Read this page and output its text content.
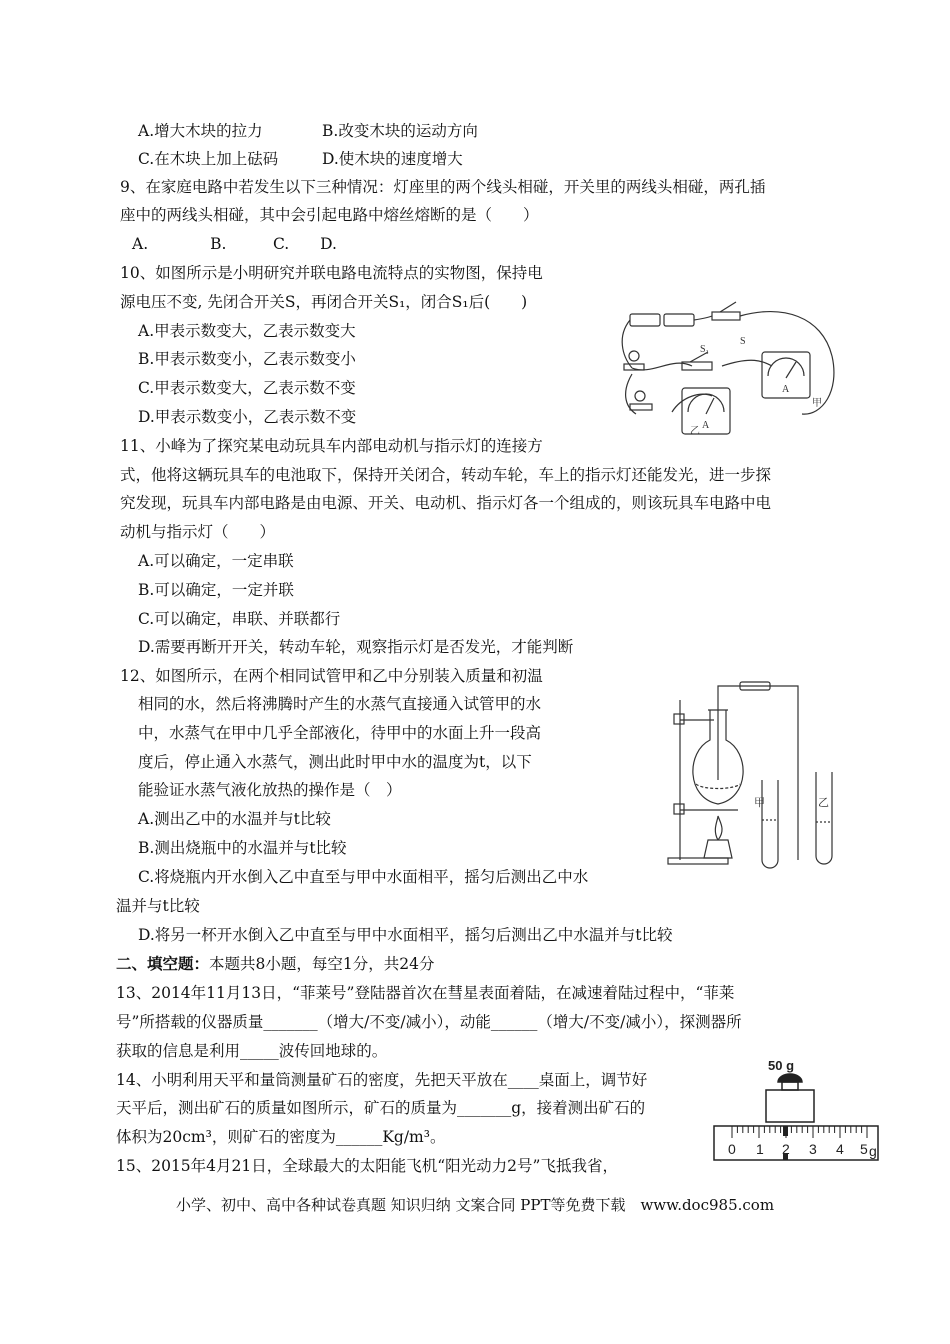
A.增大木块的拉力	B.改变木块的运动方向
C.在木块上加上砝码	D.使木块的速度增大
9、在家庭电路中若发生以下三种情况：灯座里的两个线头相碰，开关里的两线头相碰，两孔插
座中的两线头相碰，其中会引起电路中熔丝熔断的是（　　）
A.　　　　B.　　　C.　　D.
10、如图所示是小明研究并联电路电流特点的实物图，保持电
源电压不变, 先闭合开关S，再闭合开关S₁，闭合S₁后(　　)
A.甲表示数变大，乙表示数变大
B.甲表示数变小，乙表示数变小
C.甲表示数变大，乙表示数不变
D.甲表示数变小，乙表示数不变
S₁
S
A
甲
A
乙
11、小峰为了探究某电动玩具车内部电动机与指示灯的连接方
式，他将这辆玩具车的电池取下，保持开关闭合，转动车轮，车上的指示灯还能发光，进一步探
究发现，玩具车内部电路是由电源、开关、电动机、指示灯各一个组成的，则该玩具车电路中电
动机与指示灯（　　）
A.可以确定，一定串联
B.可以确定，一定并联
C.可以确定，串联、并联都行
D.需要再断开开关，转动车轮，观察指示灯是否发光，才能判断
12、如图所示，在两个相同试管甲和乙中分别装入质量和初温
相同的水，然后将沸腾时产生的水蒸气直接通入试管甲的水
中，水蒸气在甲中几乎全部液化，待甲中的水面上升一段高
度后，停止通入水蒸气，测出此时甲中水的温度为t，以下
能验证水蒸气液化放热的操作是（　）
A.测出乙中的水温并与t比较
B.测出烧瓶中的水温并与t比较
C.将烧瓶内开水倒入乙中直至与甲中水面相平，摇匀后测出乙中水
温并与t比较
D.将另一杯开水倒入乙中直至与甲中水面相平，摇匀后测出乙中水温并与t比较
甲	乙
二、填空题：本题共8小题，每空1分，共24分
13、2014年11月13日，“菲莱号”登陆器首次在彗星表面着陆，在减速着陆过程中，“菲莱
号”所搭载的仪器质量_______（增大/不变/减小），动能______（增大/不变/减小），探测器所
获取的信息是利用_____波传回地球的。
14、小明利用天平和量筒测量矿石的密度，先把天平放在____桌面上，调节好
天平后，测出矿石的质量如图所示，矿石的质量为_______g，接着测出矿石的
体积为20cm³，则矿石的密度为______Kg/m³。
50 g
0 1 2 3 4 5 g
15、2015年4月21日，全球最大的太阳能飞机“阳光动力2号”飞抵我省，
小学、初中、高中各种试卷真题 知识归纳 文案合同 PPT等免费下载　www.doc985.com
